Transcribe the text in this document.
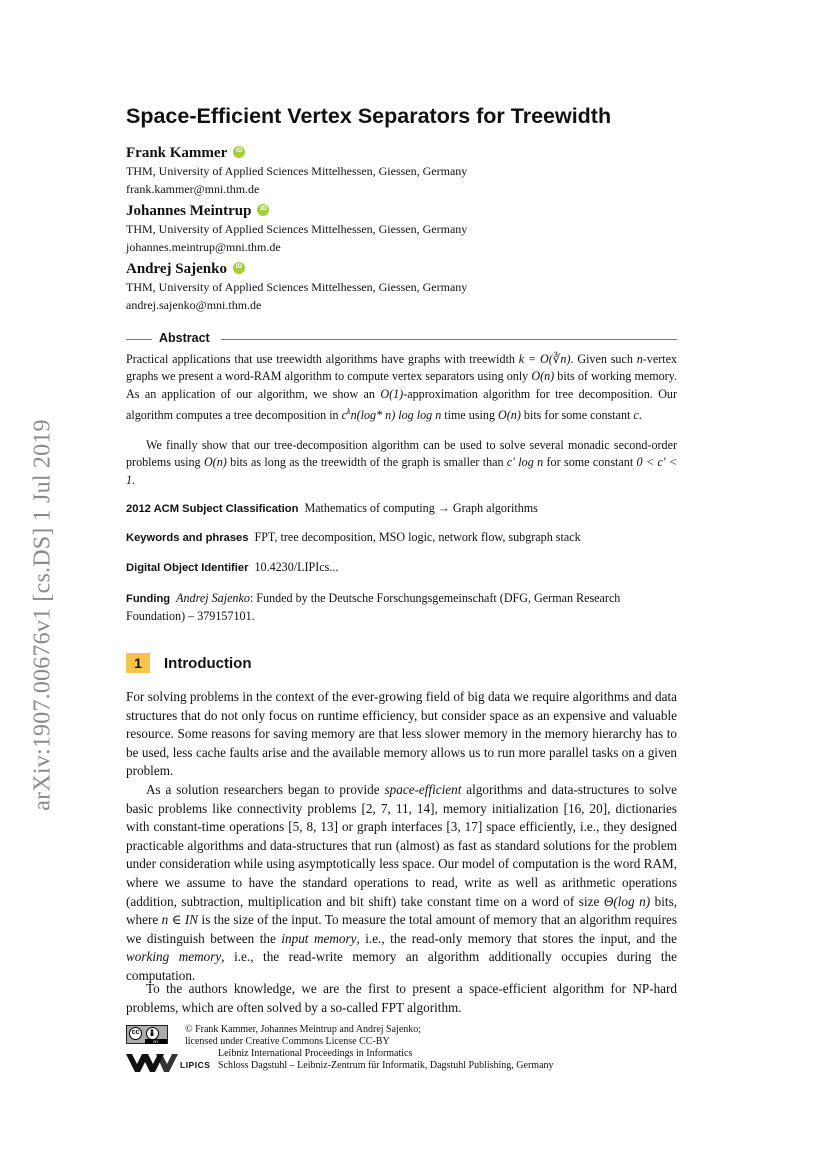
arXiv:1907.00676v1 [cs.DS] 1 Jul 2019
Space-Efficient Vertex Separators for Treewidth
Frank KammeriD
THM, University of Applied Sciences Mittelhessen, Giessen, Germany
frank.kammer@mni.thm.de
Johannes MeintrupiD
THM, University of Applied Sciences Mittelhessen, Giessen, Germany
johannes.meintrup@mni.thm.de
Andrej SajenkoiD
THM, University of Applied Sciences Mittelhessen, Giessen, Germany
andrej.sajenko@mni.thm.de
Abstract
Practical applications that use treewidth algorithms have graphs with treewidth k = O(∛n). Given such n-vertex graphs we present a word-RAM algorithm to compute vertex separators using only O(n) bits of working memory. As an application of our algorithm, we show an O(1)-approximation algorithm for tree decomposition. Our algorithm computes a tree decomposition in $c^kn(\log*$ n) log log n time using O(n) bits for some constant c.
We finally show that our tree-decomposition algorithm can be used to solve several monadic second-order problems using O(n) bits as long as the treewidth of the graph is smaller than c′ log n for some constant 0 < c′ < 1.
2012 ACM Subject Classification Mathematics of computing → Graph algorithms
Keywords and phrases FPT, tree decomposition, MSO logic, network flow, subgraph stack
Digital Object Identifier 10.4230/LIPIcs...
Funding Andrej Sajenko: Funded by the Deutsche Forschungsgemeinschaft (DFG, German Research Foundation) – 379157101.
1 Introduction
For solving problems in the context of the ever-growing field of big data we require algorithms and data structures that do not only focus on runtime efficiency, but consider space as an expensive and valuable resource. Some reasons for saving memory are that less slower memory in the memory hierarchy has to be used, less cache faults arise and the available memory allows us to run more parallel tasks on a given problem.
As a solution researchers began to provide space-efficient algorithms and data-structures to solve basic problems like connectivity problems [2, 7, 11, 14], memory initialization [16, 20], dictionaries with constant-time operations [5, 8, 13] or graph interfaces [3, 17] space efficiently, i.e., they designed practicable algorithms and data-structures that run (almost) as fast as standard solutions for the problem under consideration while using asymptotically less space. Our model of computation is the word RAM, where we assume to have the standard operations to read, write as well as arithmetic operations (addition, subtraction, multiplication and bit shift) take constant time on a word of size Θ(log n) bits, where n ∈ IN is the size of the input. To measure the total amount of memory that an algorithm requires we distinguish between the input memory, i.e., the read-only memory that stores the input, and the working memory, i.e., the read-write memory an algorithm additionally occupies during the computation.
To the authors knowledge, we are the first to present a space-efficient algorithm for NP-hard problems, which are often solved by a so-called FPT algorithm.
cc
BY
LIPICS
© Frank Kammer, Johannes Meintrup and Andrej Sajenko;
licensed under Creative Commons License CC-BY
Leibniz International Proceedings in Informatics
Schloss Dagstuhl – Leibniz-Zentrum für Informatik, Dagstuhl Publishing, Germany
